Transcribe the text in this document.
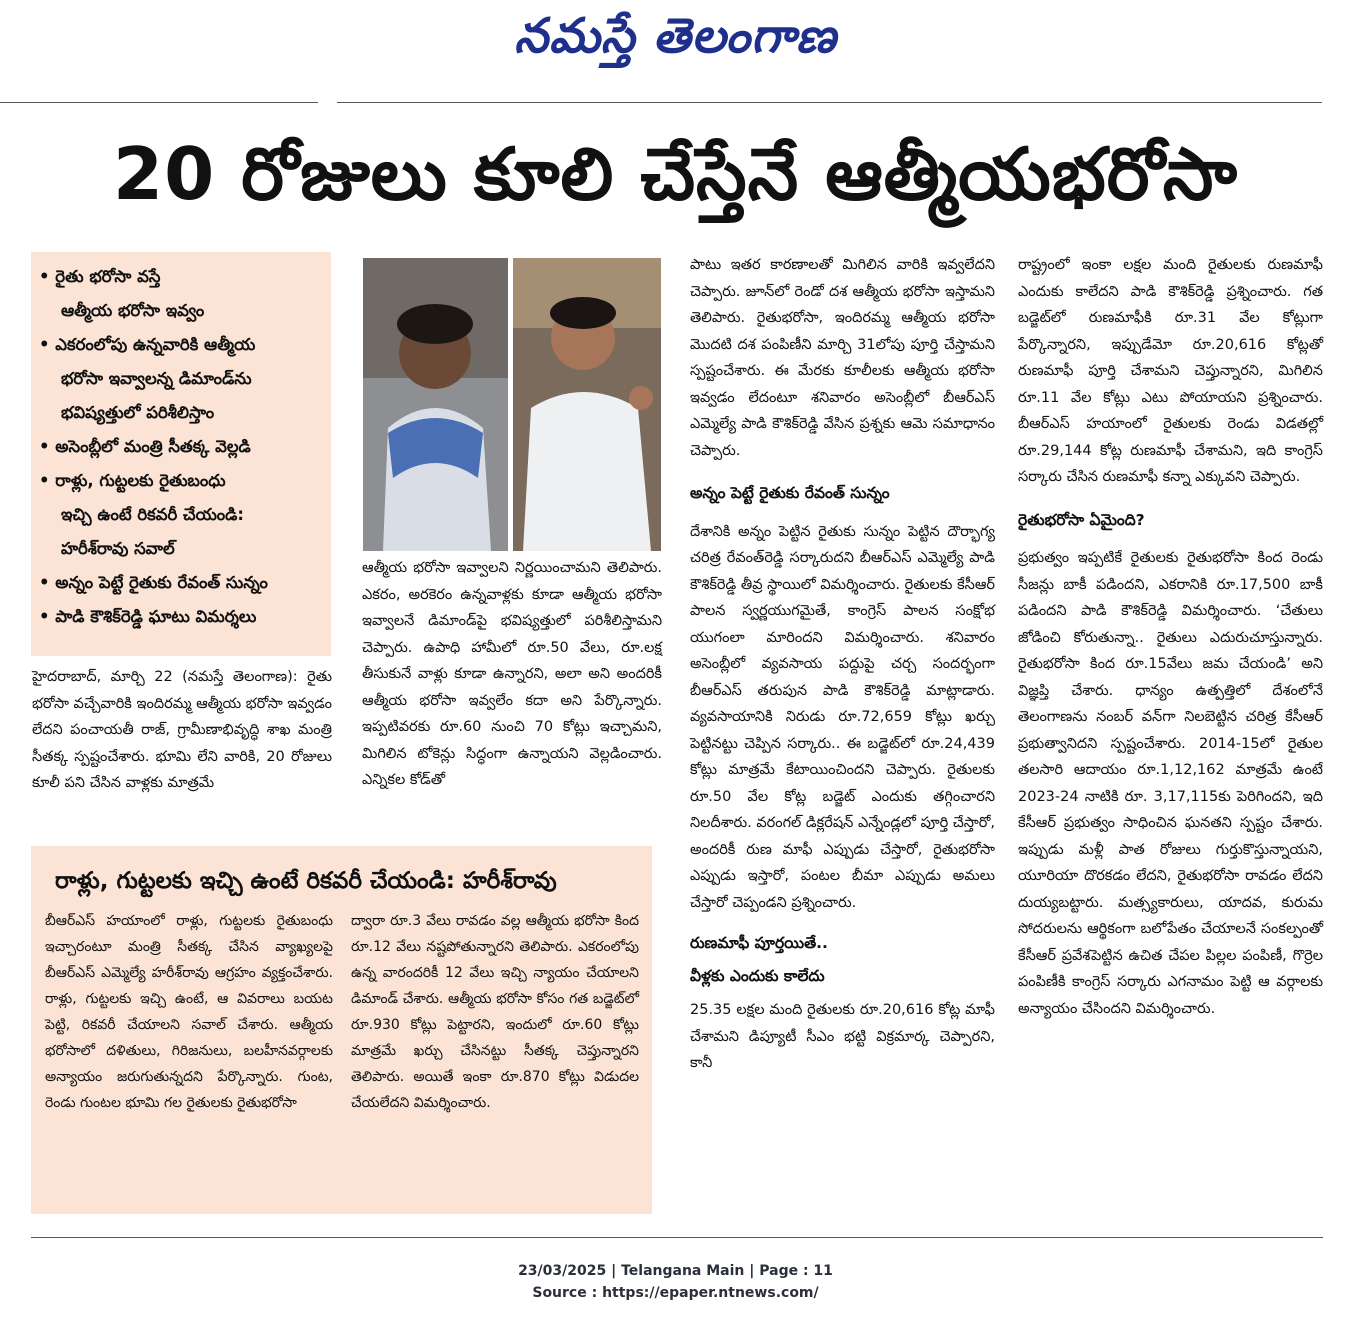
నమస్తే తెలంగాణ
20 రోజులు కూలి చేస్తేనే ఆత్మీయభరోసా
• రైతు భరోసా వస్తే
ఆత్మీయ భరోసా ఇవ్వం
• ఎకరంలోపు ఉన్నవారికి ఆత్మీయ
భరోసా ఇవ్వాలన్న డిమాండ్‌ను
భవిష్యత్తులో పరిశీలిస్తాం
• అసెంబ్లీలో మంత్రి సీతక్క వెల్లడి
• రాళ్లు, గుట్టలకు రైతుబంధు
ఇచ్చి ఉంటే రికవరీ చేయండి:
హరీశ్‌రావు సవాల్
• అన్నం పెట్టే రైతుకు రేవంత్ సున్నం
• పాడి కౌశిక్‌రెడ్డి ఘాటు విమర్శలు

హైదరాబాద్, మార్చి 22 (నమస్తే తెలంగాణ): రైతు భరోసా వచ్చేవారికి ఇందిరమ్మ ఆత్మీయ భరోసా ఇవ్వడం లేదని పంచాయతీ రాజ్, గ్రామీణాభివృద్ధి శాఖ మంత్రి సీతక్క స్పష్టంచేశారు. భూమి లేని వారికి, 20 రోజులు కూలీ పని చేసిన వాళ్లకు మాత్రమే

ఆత్మీయ భరోసా ఇవ్వాలని నిర్ణయించామని తెలిపారు. ఎకరం, అరకెరం ఉన్నవాళ్లకు కూడా ఆత్మీయ భరోసా ఇవ్వాలనే డిమాండ్‌పై భవిష్యత్తులో పరిశీలిస్తామని చెప్పారు. ఉపాధి హామీలో రూ.50 వేలు, రూ.లక్ష తీసుకునే వాళ్లు కూడా ఉన్నారని, అలా అని అందరికీ ఆత్మీయ భరోసా ఇవ్వలేం కదా అని పేర్కొన్నారు. ఇప్పటివరకు రూ.60 నుంచి 70 కోట్లు ఇచ్చామని, మిగిలిన టోకెన్లు సిద్ధంగా ఉన్నాయని వెల్లడించారు. ఎన్నికల కోడ్‌తో

పాటు ఇతర కారణాలతో మిగిలిన వారికి ఇవ్వలేదని చెప్పారు. జూన్‌లో రెండో దశ ఆత్మీయ భరోసా ఇస్తామని తెలిపారు. రైతుభరోసా, ఇందిరమ్మ ఆత్మీయ భరోసా మొదటి దశ పంపిణీని మార్చి 31లోపు పూర్తి చేస్తామని స్పష్టంచేశారు. ఈ మేరకు కూలీలకు ఆత్మీయ భరోసా ఇవ్వడం లేదంటూ శనివారం అసెంబ్లీలో బీఆర్‌ఎస్ ఎమ్మెల్యే పాడి కౌశిక్‌రెడ్డి వేసిన ప్రశ్నకు ఆమె సమాధానం చెప్పారు.

అన్నం పెట్టే రైతుకు రేవంత్ సున్నం

దేశానికి అన్నం పెట్టిన రైతుకు సున్నం పెట్టిన దౌర్భాగ్య చరిత్ర రేవంత్‌రెడ్డి సర్కారుదని బీఆర్‌ఎస్ ఎమ్మెల్యే పాడి కౌశిక్‌రెడ్డి తీవ్ర స్థాయిలో విమర్శించారు. రైతులకు కేసీఆర్ పాలన స్వర్ణయుగమైతే, కాంగ్రెస్ పాలన సంక్షోభ యుగంలా మారిందని విమర్శించారు. శనివారం అసెంబ్లీలో వ్యవసాయ పద్దుపై చర్చ సందర్భంగా బీఆర్‌ఎస్ తరుపున పాడి కౌశిక్‌రెడ్డి మాట్లాడారు. వ్యవసాయానికి నిరుడు రూ.72,659 కోట్లు ఖర్చు పెట్టినట్టు చెప్పిన సర్కారు.. ఈ బడ్జెట్‌లో రూ.24,439 కోట్లు మాత్రమే కేటాయించిందని చెప్పారు. రైతులకు రూ.50 వేల కోట్ల బడ్జెట్ ఎందుకు తగ్గించారని నిలదీశారు. వరంగల్ డిక్లరేషన్ ఎన్నేండ్లలో పూర్తి చేస్తారో, అందరికీ రుణ మాఫీ ఎప్పుడు చేస్తారో, రైతుభరోసా ఎప్పుడు ఇస్తారో, పంటల బీమా ఎప్పుడు అమలు చేస్తారో చెప్పండని ప్రశ్నించారు.

రుణమాఫీ పూర్తయితే..

వీళ్లకు ఎందుకు కాలేదు

25.35 లక్షల మంది రైతులకు రూ.20,616 కోట్ల మాఫీ చేశామని డిప్యూటీ సీఎం భట్టి విక్రమార్క చెప్పారని, కానీ

రాష్ట్రంలో ఇంకా లక్షల మంది రైతులకు రుణమాఫీ ఎందుకు కాలేదని పాడి కౌశిక్‌రెడ్డి ప్రశ్నించారు. గత బడ్జెట్‌లో రుణమాఫీకి రూ.31 వేల కోట్లుగా పేర్కొన్నారని, ఇప్పుడేమో రూ.20,616 కోట్లతో రుణమాఫీ పూర్తి చేశామని చెప్తున్నారని, మిగిలిన రూ.11 వేల కోట్లు ఎటు పోయాయని ప్రశ్నించారు. బీఆర్‌ఎస్ హయాంలో రైతులకు రెండు విడతల్లో రూ.29,144 కోట్ల రుణమాఫీ చేశామని, ఇది కాంగ్రెస్ సర్కారు చేసిన రుణమాఫీ కన్నా ఎక్కువని చెప్పారు.

రైతుభరోసా ఏమైంది?

ప్రభుత్వం ఇప్పటికే రైతులకు రైతుభరోసా కింద రెండు సీజన్లు బాకీ పడిందని, ఎకరానికి రూ.17,500 బాకీ పడిందని పాడి కౌశిక్‌రెడ్డి విమర్శించారు. ‘చేతులు జోడించి కోరుతున్నా.. రైతులు ఎదురుచూస్తున్నారు. రైతుభరోసా కింద రూ.15వేలు జమ చేయండి’ అని విజ్ఞప్తి చేశారు. ధాన్యం ఉత్పత్తిలో దేశంలోనే తెలంగాణను నంబర్ వన్‌గా నిలబెట్టిన చరిత్ర కేసీఆర్ ప్రభుత్వానిదని స్పష్టంచేశారు. 2014-15లో రైతుల తలసారి ఆదాయం రూ.1,12,162 మాత్రమే ఉంటే 2023-24 నాటికి రూ. 3,17,115కు పెరిగిందని, ఇది కేసీఆర్ ప్రభుత్వం సాధించిన ఘనతని స్పష్టం చేశారు. ఇప్పుడు మళ్లీ పాత రోజులు గుర్తుకొస్తున్నాయని, యూరియా దొరకడం లేదని, రైతుభరోసా రావడం లేదని దుయ్యబట్టారు. మత్స్యకారులు, యాదవ, కురుమ సోదరులను ఆర్థికంగా బలోపేతం చేయాలనే సంకల్పంతో కేసీఆర్ ప్రవేశపెట్టిన ఉచిత చేపల పిల్లల పంపిణీ, గొర్రెల పంపిణీకి కాంగ్రెస్ సర్కారు ఎగనామం పెట్టి ఆ వర్గాలకు అన్యాయం చేసిందని విమర్శించారు.

రాళ్లు, గుట్టలకు ఇచ్చి ఉంటే రికవరీ చేయండి: హరీశ్‌రావు

బీఆర్‌ఎస్ హయాంలో రాళ్లు, గుట్టలకు రైతుబంధు ఇచ్చారంటూ మంత్రి సీతక్క చేసిన వ్యాఖ్యలపై బీఆర్‌ఎస్ ఎమ్మెల్యే హరీశ్‌రావు ఆగ్రహం వ్యక్తంచేశారు. రాళ్లు, గుట్టలకు ఇచ్చి ఉంటే, ఆ వివరాలు బయట పెట్టి, రికవరీ చేయాలని సవాల్ చేశారు. ఆత్మీయ భరోసాలో దళితులు, గిరిజనులు, బలహీనవర్గాలకు అన్యాయం జరుగుతున్నదని పేర్కొన్నారు. గుంట, రెండు గుంటల భూమి గల రైతులకు రైతుభరోసా

ద్వారా రూ.3 వేలు రావడం వల్ల ఆత్మీయ భరోసా కింద రూ.12 వేలు నష్టపోతున్నారని తెలిపారు. ఎకరంలోపు ఉన్న వారందరికీ 12 వేలు ఇచ్చి న్యాయం చేయాలని డిమాండ్ చేశారు. ఆత్మీయ భరోసా కోసం గత బడ్జెట్‌లో రూ.930 కోట్లు పెట్టారని, ఇందులో రూ.60 కోట్లు మాత్రమే ఖర్చు చేసినట్టు సీతక్క చెప్తున్నారని తెలిపారు. అయితే ఇంకా రూ.870 కోట్లు విడుదల చేయలేదని విమర్శించారు.

23/03/2025 | Telangana Main | Page : 11
Source : https://epaper.ntnews.com/
